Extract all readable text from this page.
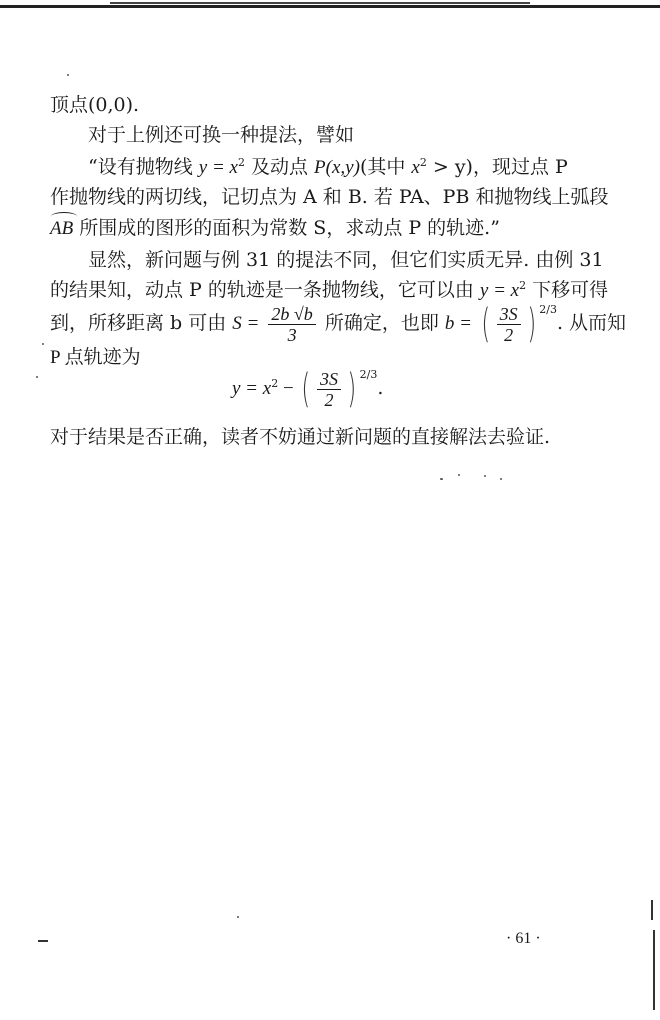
顶点(0,0).
对于上例还可换一种提法，譬如
“设有抛物线 $y = x^2$ 及动点 P(x,y)(其中 $x^2 > y$)，现过点 P
作抛物线的两切线，记切点为 A 和 B. 若 PA、PB 和抛物线上弧段
AB 所围成的图形的面积为常数 S，求动点 P 的轨迹.”
显然，新问题与例 31 的提法不同，但它们实质无异. 由例 31
的结果知，动点 P 的轨迹是一条抛物线，它可以由 $y = x^2$ 下移可得
到，所移距离 b 可由 $S = \frac{2b √b}{3}$ 所确定，也即 b = ( $\frac{3S}{2}$ ) $^{2/3}$. 从而知
P 点轨迹为
$y = x^2$ − ( $\frac{3S}{2}$ ) $^{2/3}$.
对于结果是否正确，读者不妨通过新问题的直接解法去验证.
· 61 ·
